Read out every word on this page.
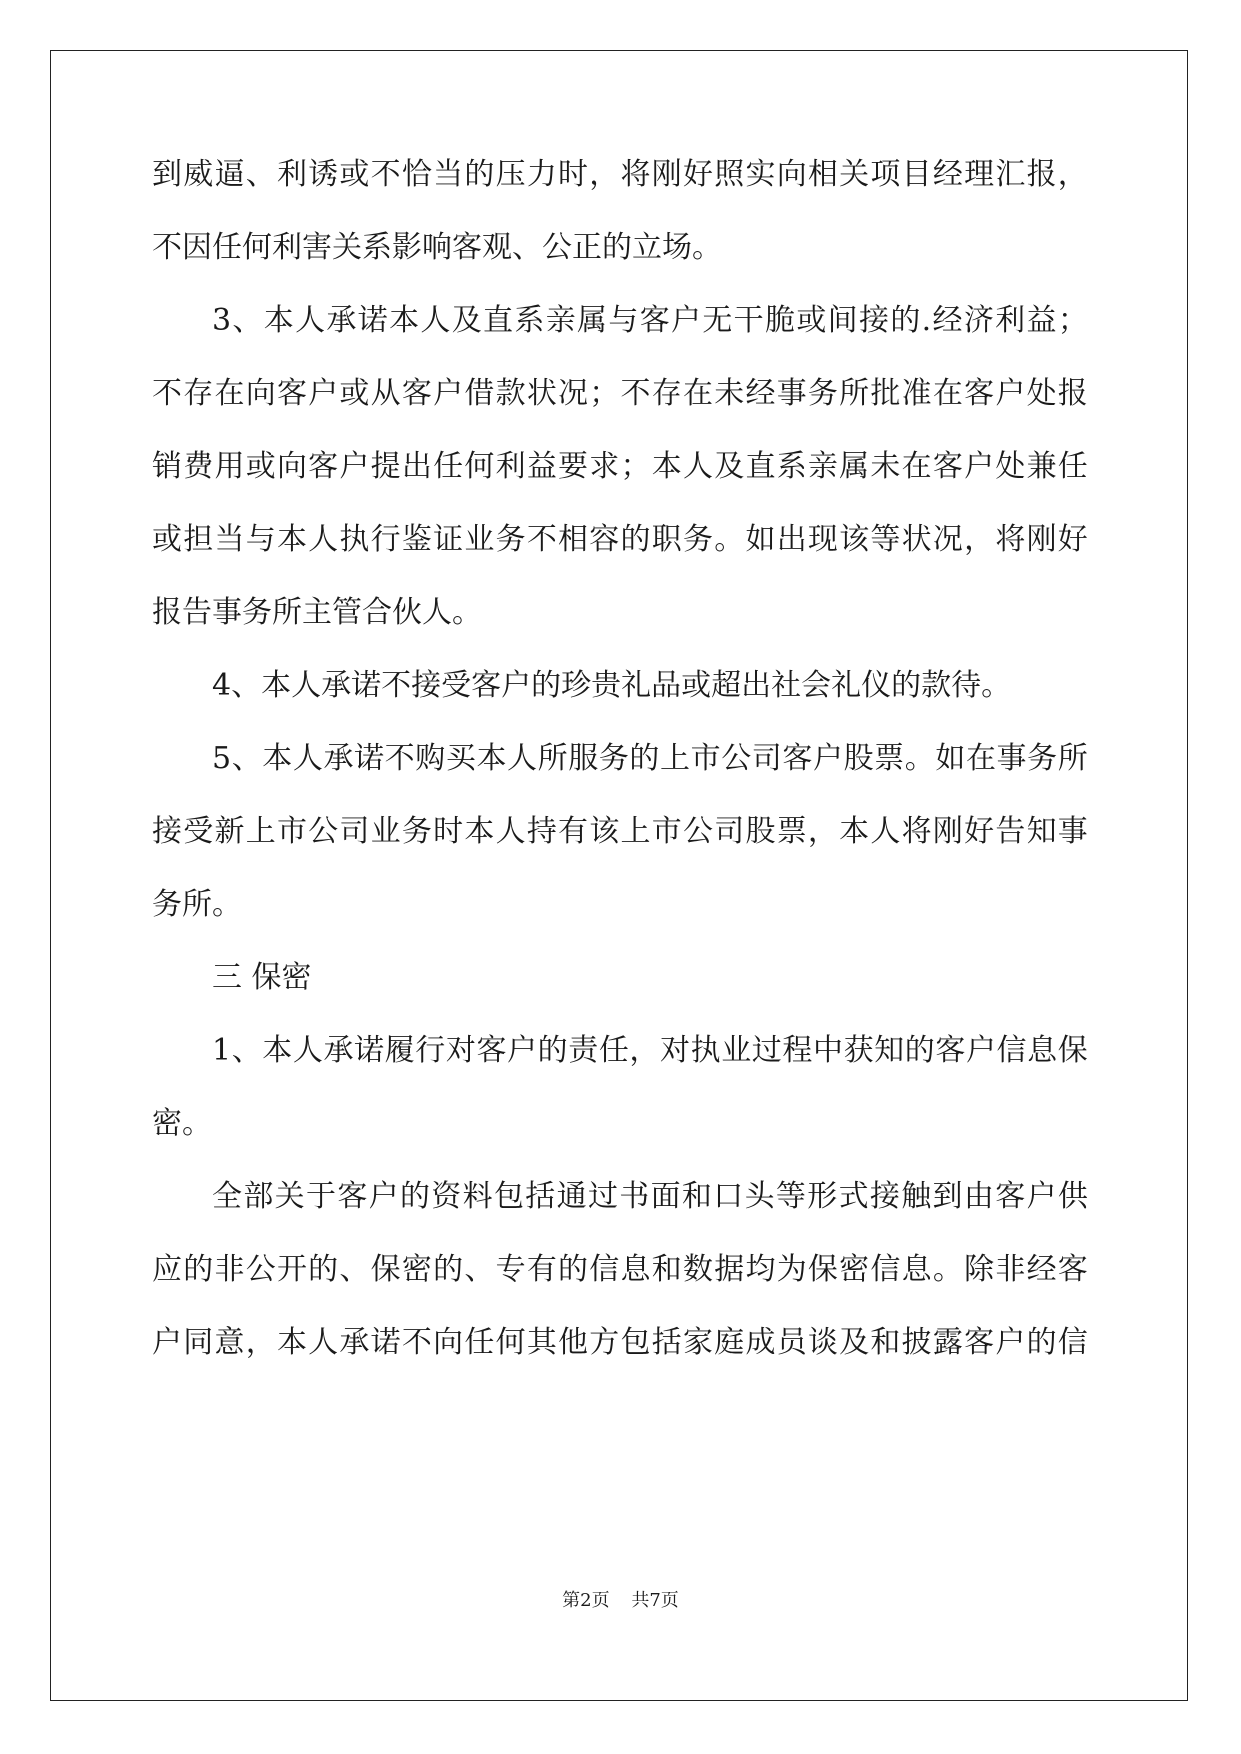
到 威 逼 、 利 诱 或 不 恰 当 的 压 力 时 ， 将 刚 好 照 实 向 相 关 项 目 经 理 汇 报 ，
不因任何利害关系影响客观、公正的立场。
3 、 本 人 承 诺 本 人 及 直 系 亲 属 与 客 户 无 干 脆 或 间 接 的 . 经 济 利 益 ；
不 存 在 向 客 户 或 从 客 户 借 款 状 况 ； 不 存 在 未 经 事 务 所 批 准 在 客 户 处 报
销 费 用 或 向 客 户 提 出 任 何 利 益 要 求 ； 本 人 及 直 系 亲 属 未 在 客 户 处 兼 任
或 担 当 与 本 人 执 行 鉴 证 业 务 不 相 容 的 职 务 。 如 出 现 该 等 状 况 ， 将 刚 好
报告事务所主管合伙人。
4、本人承诺不接受客户的珍贵礼品或超出社会礼仪的款待。
5 、 本 人 承 诺 不 购 买 本 人 所 服 务 的 上 市 公 司 客 户 股 票 。 如 在 事 务 所
接 受 新 上 市 公 司 业 务 时 本 人 持 有 该 上 市 公 司 股 票 ， 本 人 将 刚 好 告 知 事
务所。
三 保密
1 、 本 人 承 诺 履 行 对 客 户 的 责 任 ， 对 执 业 过 程 中 获 知 的 客 户 信 息 保
密。
全 部 关 于 客 户 的 资 料 包 括 通 过 书 面 和 口 头 等 形 式 接 触 到 由 客 户 供
应 的 非 公 开 的 、 保 密 的 、 专 有 的 信 息 和 数 据 均 为 保 密 信 息 。 除 非 经 客
户 同 意 ， 本 人 承 诺 不 向 任 何 其 他 方 包 括 家 庭 成 员 谈 及 和 披 露 客 户 的 信
第2页 共7页
